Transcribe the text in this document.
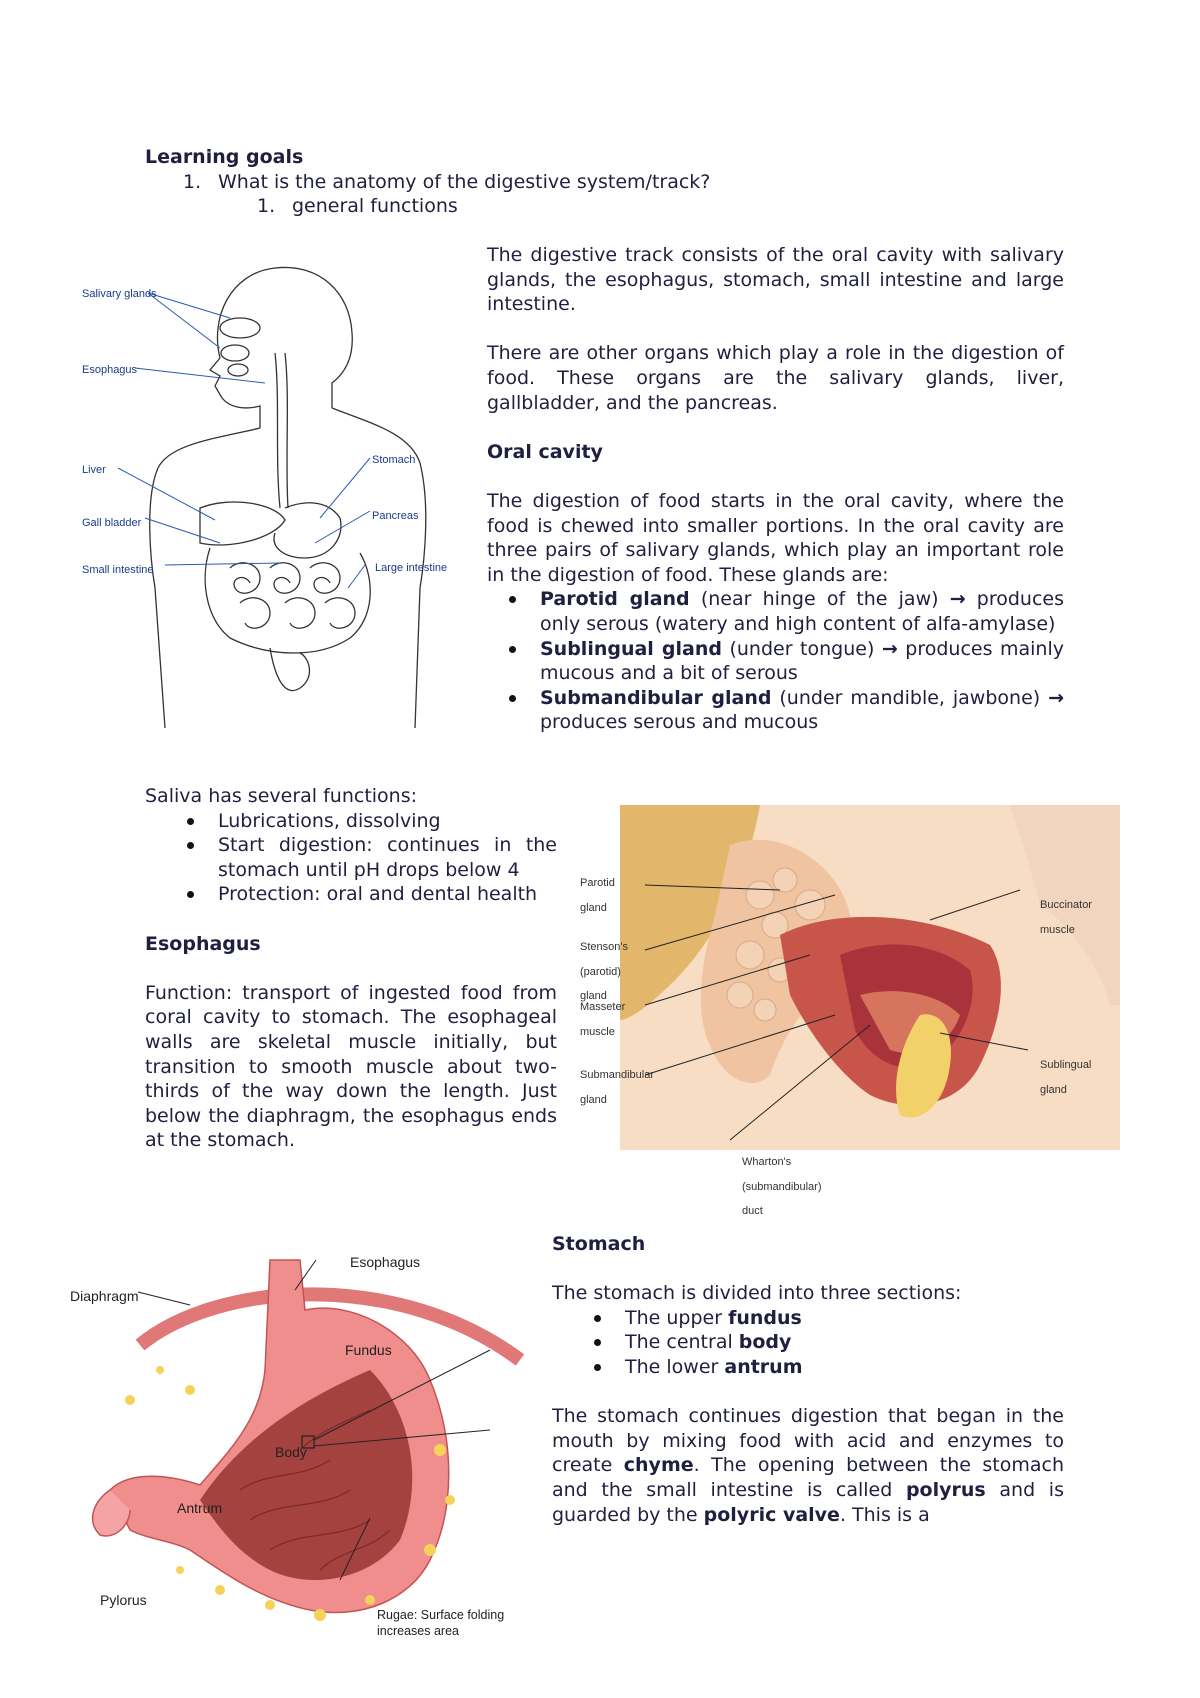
Learning goals
1. What is the anatomy of the digestive system/track?
1. general functions
Salivary glands
Esophagus
Liver
Gall bladder
Small intestine
Stomach
Pancreas
Large intestine

The digestive track consists of the oral cavity with salivary glands, the esophagus, stomach, small intestine and large intestine.

There are other organs which play a role in the digestion of food. These organs are the salivary glands, liver, gallbladder, and the pancreas.

Oral cavity

The digestion of food starts in the oral cavity, where the food is chewed into smaller portions. In the oral cavity are three pairs of salivary glands, which play an important role in the digestion of food. These glands are:

Parotid gland (near hinge of the jaw) → produces only serous (watery and high content of alfa-amylase)
Sublingual gland (under tongue) → produces mainly mucous and a bit of serous
Submandibular gland (under mandible, jawbone) → produces serous and mucous

Saliva has several functions:

Lubrications, dissolving
Start digestion: continues in the stomach until pH drops below 4
Protection: oral and dental health
Esophagus

Function: transport of ingested food from coral cavity to stomach. The esophageal walls are skeletal muscle initially, but transition to smooth muscle about two-thirds of the way down the length. Just below the diaphragm, the esophagus ends at the stomach.

Parotid gland
Stenson's (parotid) gland
Masseter muscle
Submandibular gland
Wharton's (submandibular) duct
Buccinator muscle
Sublingual gland
Diaphragm
Esophagus
Fundus
Body
Antrum
Pylorus
Rugae: Surface folding increases area
Stomach

The stomach is divided into three sections:

The upper fundus
The central body
The lower antrum

The stomach continues digestion that began in the mouth by mixing food with acid and enzymes to create chyme. The opening between the stomach and the small intestine is called polyrus and is guarded by the polyric valve. This is a
